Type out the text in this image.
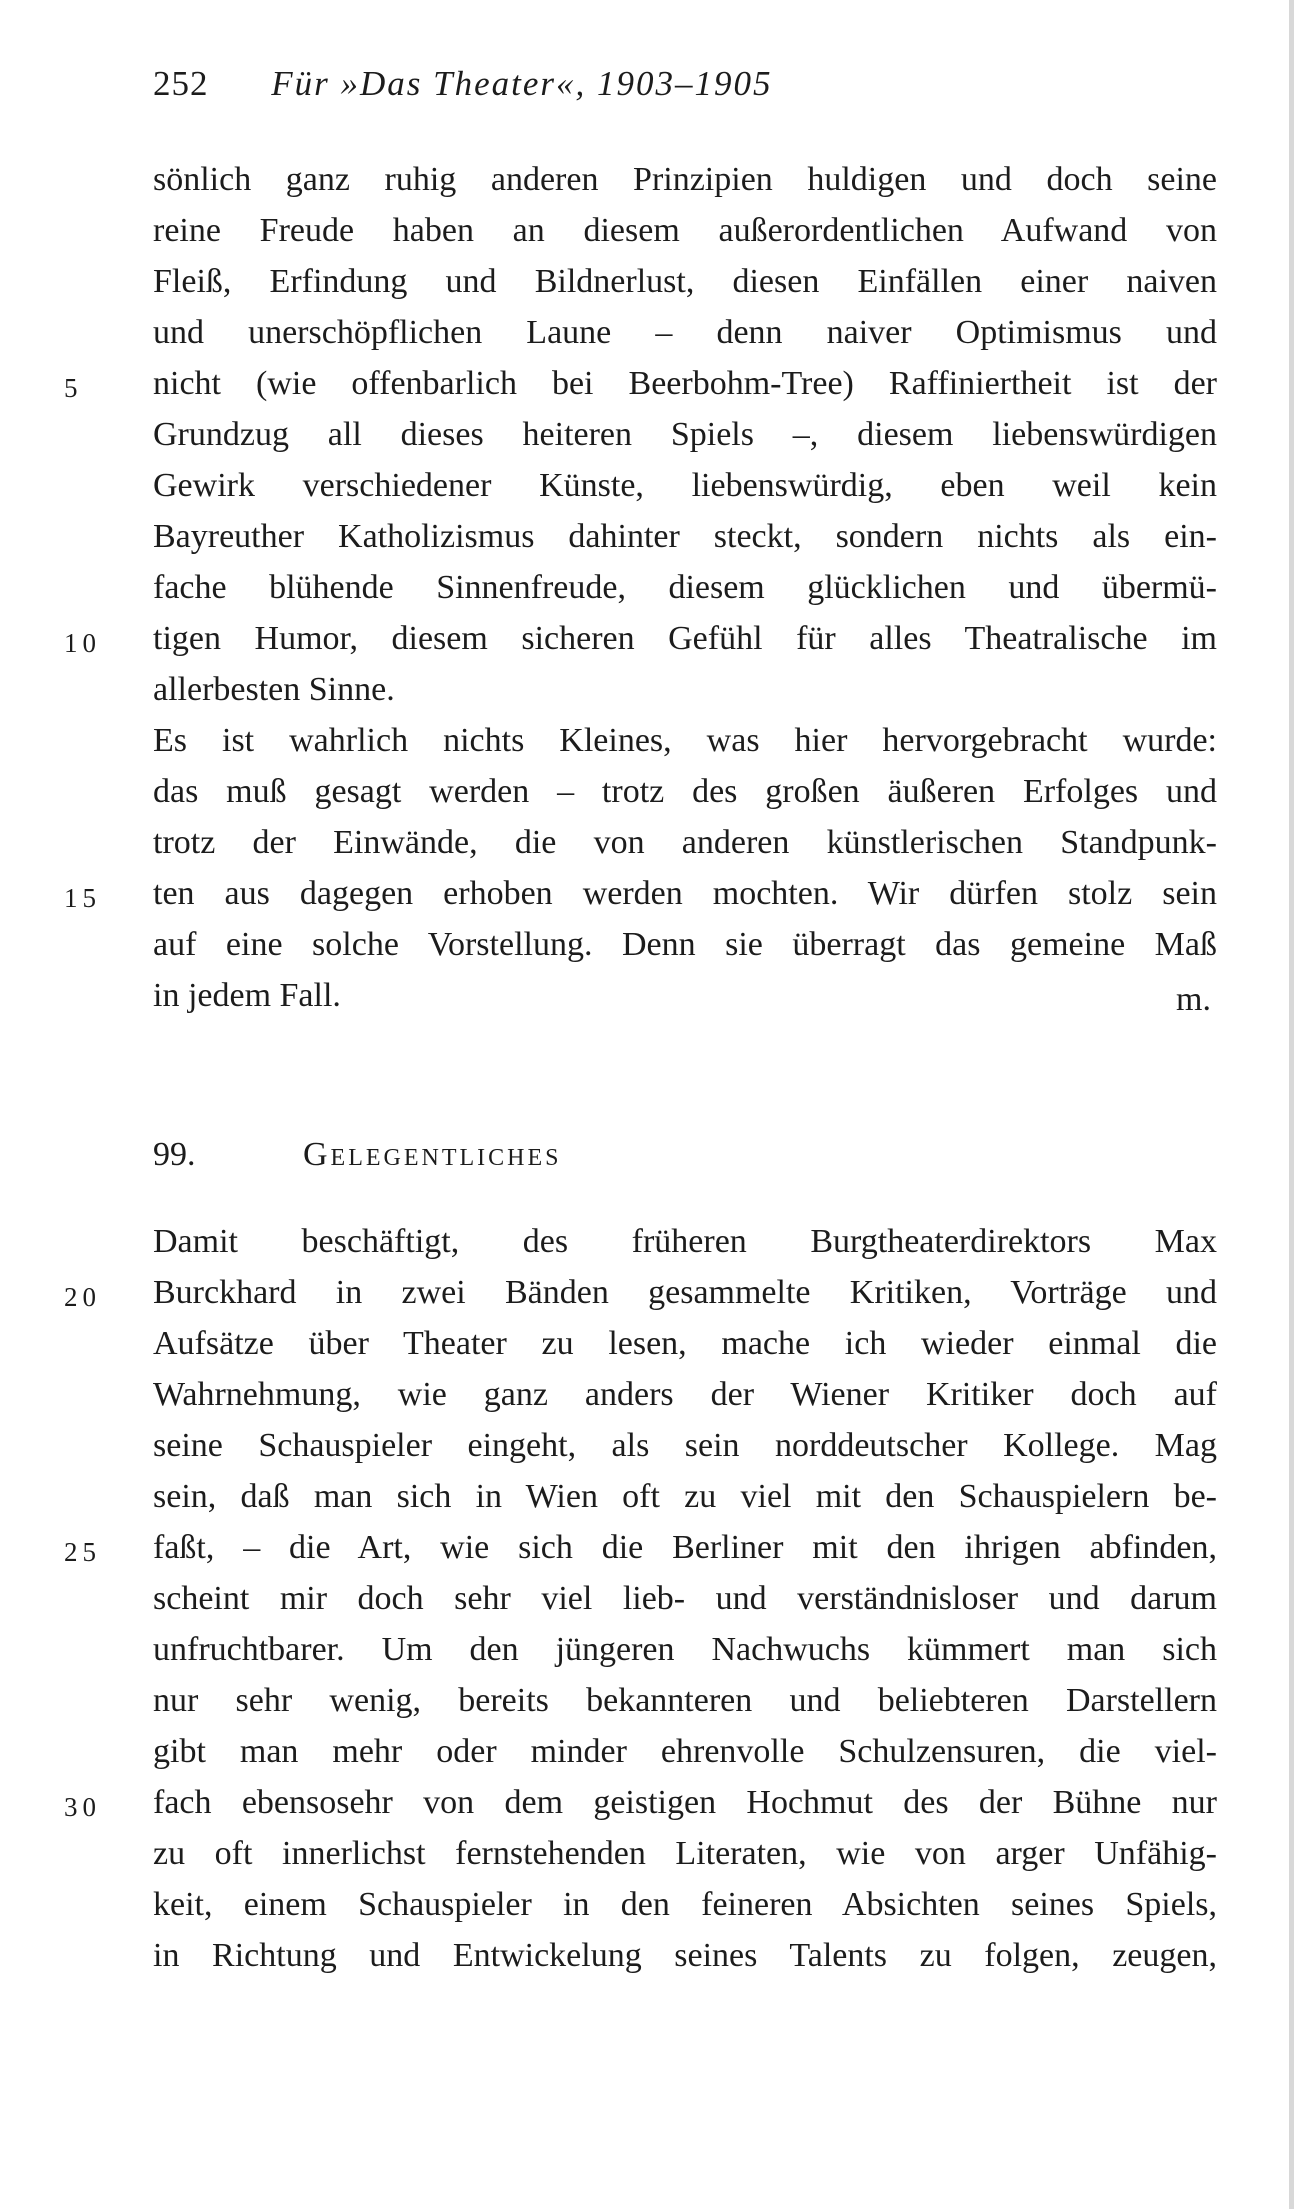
252 Für »Das Theater«, 1903–1905
sönlich ganz ruhig anderen Prinzipien huldigen und doch seine
reine Freude haben an diesem außerordentlichen Aufwand von
Fleiß, Erfindung und Bildnerlust, diesen Einfällen einer naiven
und unerschöpflichen Laune – denn naiver Optimismus und
nicht (wie offenbarlich bei Beerbohm-Tree) Raffiniertheit ist der
Grundzug all dieses heiteren Spiels –, diesem liebenswürdigen
Gewirk verschiedener Künste, liebenswürdig, eben weil kein
Bayreuther Katholizismus dahinter steckt, sondern nichts als ein-
fache blühende Sinnenfreude, diesem glücklichen und übermü-
tigen Humor, diesem sicheren Gefühl für alles Theatralische im
allerbesten Sinne.
Es ist wahrlich nichts Kleines, was hier hervorgebracht wurde:
das muß gesagt werden – trotz des großen äußeren Erfolges und
trotz der Einwände, die von anderen künstlerischen Standpunk-
ten aus dagegen erhoben werden mochten. Wir dürfen stolz sein
auf eine solche Vorstellung. Denn sie überragt das gemeine Maß
in jedem Fall.	m.
99.	Gelegentliches
Damit beschäftigt, des früheren Burgtheaterdirektors Max
Burckhard in zwei Bänden gesammelte Kritiken, Vorträge und
Aufsätze über Theater zu lesen, mache ich wieder einmal die
Wahrnehmung, wie ganz anders der Wiener Kritiker doch auf
seine Schauspieler eingeht, als sein norddeutscher Kollege. Mag
sein, daß man sich in Wien oft zu viel mit den Schauspielern be-
faßt, – die Art, wie sich die Berliner mit den ihrigen abfinden,
scheint mir doch sehr viel lieb- und verständnisloser und darum
unfruchtbarer. Um den jüngeren Nachwuchs kümmert man sich
nur sehr wenig, bereits bekannteren und beliebteren Darstellern
gibt man mehr oder minder ehrenvolle Schulzensuren, die viel-
fach ebensosehr von dem geistigen Hochmut des der Bühne nur
zu oft innerlichst fernstehenden Literaten, wie von arger Unfähig-
keit, einem Schauspieler in den feineren Absichten seines Spiels,
in Richtung und Entwickelung seines Talents zu folgen, zeugen,
5
10
15
20
25
30
